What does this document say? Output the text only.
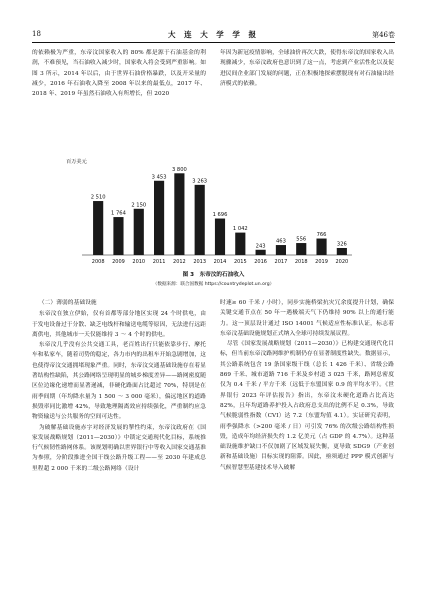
18	大 连 大 学 学 报	第46卷

的依赖极为严重，东帝汶国家收入的 80% 都是源于石油基金的利润，不难预见，当石油收入减少时，国家收入将会受到严重影响。如图 3 所示，2014 年以后，由于世界石油价格暴跌，以及开采量的减少，2016 年石油收入降至 2008 年以来的最低点，2017 年、2018 年、2019 年虽然石油收入有所增长，但 2020

年因为新冠疫情影响，全球油价再次大跌，使得东帝汶的国家收入出现骤减少，东帝汶政府也意识到了这一点，考虑到产业活性化以及促进民间企业部门发展的问题，正在积极地探索摆脱现有对石油输出经济模式的依赖。

百万美元
2 510
2008
1 764
2009
2 150
2010
3 453
2011
3 800
2012
3 263
2013
1 696
2014
1 042
2015
243
2016
463
2017
556
2018
766
2019
326
2020
图 3　东帝汶的石油收入
（数据来源：联合国数据 https://countrydeplot.un.org）

（二）薄弱的基础设施

东帝汶在独立伊始，仅有首都等部分地区实现 24 个时供电，由于发电设备过于分散、缺乏电线杆和输送电缆等原因，无法进行远距离供电，其他城市一天仅能维持 3 ～ 4 个时的供电。

东帝汶几乎没有公共交通工具，老百姓出行只能依靠步行、摩托车和私家车，随着司势的稳定，各力市内的出租车开始急剧增加，这也使得帝汶交通拥堵现象严重。同时，东帝汶交通基础设施存在着显著结构性缺陷，其公路网络呈现明显的城乡梯度差异——路网密度随区位边缘化递增而显著递减，非硬化路面占比超过 70%，特别是在雨季间期（年均降水量为 1 500 ～ 3 000 毫米），偏远地区的道路损毁率同比激增 42%，导致地理隔离效应持续强化，严重制约应急物资输送与公共服务的空间可达性。

为破解基础设施赤字对经济发展的掣性约束，东帝汶政府在《国家发展战略规划（2011—2030）》中锁定交通现代化目标，系统推行气候韧性路网体系。该规划明确以世界银行中等收入国家交通基准为参照，分阶段推进全国干线公路升级工程——至 2030 年建成总里程超 2 000 千米的二级公路网络（设计

时速≥ 60 千米 / 小时），同步实施桥梁抗灾冗余度提升计划，确保关键交通节点在 50 年一遇极端天气下仍维持 90% 以上的通行能力。这一顶层设计通过 ISO 14001 气候适应性标准认证，标志着东帝汶基础设施规划正式纳入全球可持续发展议程。

尽管《国家发展战略规划（2011—2030）》已构建交通现代化目标，但当前东帝汶路网维护机制仍存在显著制度性缺失。数据显示，其公路系统包含 19 条国家级干线（总长 1 426 千米）、省级公路 869 千米、城市道路 716 千米及乡村道 3 025 千米，路网总密度仅为 0.4 千米 / 平方千米（远低于东盟国家 0.9 的平均水平）。《世界银行 2023 年评估报告》指出，东帝汶未硬化道路占比高达 82%，且年均道路养护投入占政府总支出的比例不足 0.3%，导致气候脆弱性指数（CVI）达 7.2（东盟均值 4.1）。实证研究表明，雨季强降水（>200 毫米 / 日）可引发 76% 的次级公路结构性损毁，造成年均经济损失约 1.2 亿美元（占 GDP 的 4.7%）。这种基础设施维护缺口不仅加剧了区域发展失衡，更导致 SDG9（产业创新和基础设施）目标实现的阻滞。因此，亟须通过 PPP 模式创新与气候智慧型基建技术导入破解
